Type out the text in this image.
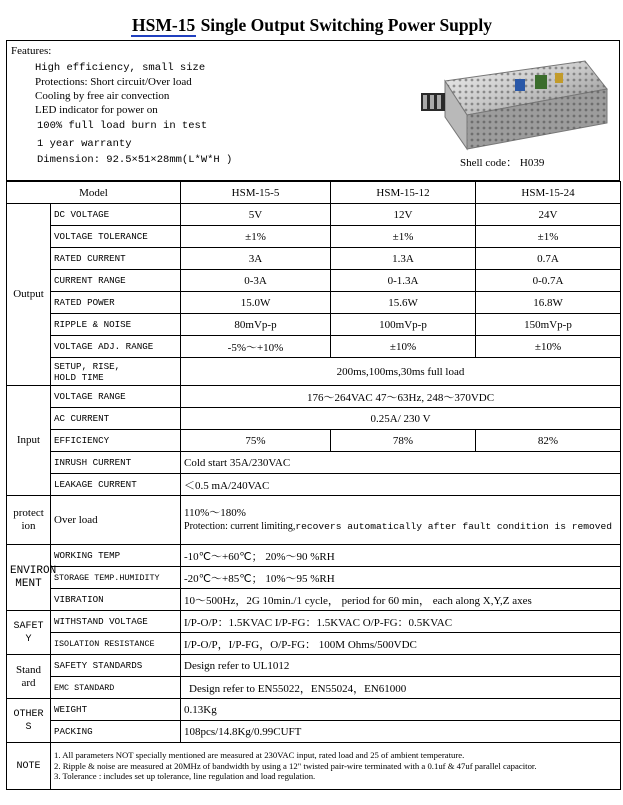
HSM-15 Single Output Switching Power Supply
Features:
High efficiency, small size
Protections: Short circuit/Over load
Cooling by free air convection
LED indicator for power on
100% full load burn in test
1 year warranty
Dimension: 92.5×51×28mm(L*W*H )	Shell code： H039
Model		HSM-15-5	HSM-15-12	HSM-15-24
Output	DC VOLTAGE	5V	12V	24V
	VOLTAGE TOLERANCE	±1%	±1%	±1%
	RATED CURRENT	3A	1.3A	0.7A
	CURRENT RANGE	0-3A	0-1.3A	0-0.7A
	RATED POWER	15.0W	15.6W	16.8W
	RIPPLE & NOISE	80mVp-p	100mVp-p	150mVp-p
	VOLTAGE ADJ. RANGE	-5%～+10%	±10%	±10%
	SETUP, RISE,
HOLD TIME	200ms,100ms,30ms full load		
Input	VOLTAGE RANGE	176～264VAC 47～63Hz, 248～370VDC		
	AC CURRENT	0.25A/ 230 V		
	EFFICIENCY	75%	78%	82%
	INRUSH CURRENT	Cold start 35A/230VAC		
	LEAKAGE CURRENT	＜0.5 mA/240VAC		
protect ion	Over load	110%～180%
Protection: current limiting,recovers automatically after fault condition is removed		

ENVIRON MENT	WORKING TEMP	-10℃～+60℃； 20%～90 %RH		
	STORAGE TEMP.HUMIDITY	-20℃～+85℃； 10%～95 %RH		
	VIBRATION	10～500Hz，2G 10min./1 cycle， period for 60 min， each along X,Y,Z axes		
SAFET Y	WITHSTAND VOLTAGE	I/P-O/P：1.5KVAC I/P-FG：1.5KVAC O/P-FG：0.5KVAC		
	ISOLATION RESISTANCE	I/P-O/P，I/P-FG，O/P-FG： 100M Ohms/500VDC		
Stand ard	SAFETY STANDARDS	Design refer to UL1012		
	EMC STANDARD	Design refer to EN55022，EN55024，EN61000		
OTHER S	WEIGHT	0.13Kg		
	PACKING	108pcs/14.8Kg/0.99CUFT		
NOTE	1. All parameters NOT specially mentioned are measured at 230VAC input, rated load and 25 of ambient temperature.
2. Ripple & noise are measured at 20MHz of bandwidth by using a 12" twisted pair-wire terminated with a 0.1uf & 47uf parallel capacitor.
3. Tolerance : includes set up tolerance, line regulation and load regulation.			
